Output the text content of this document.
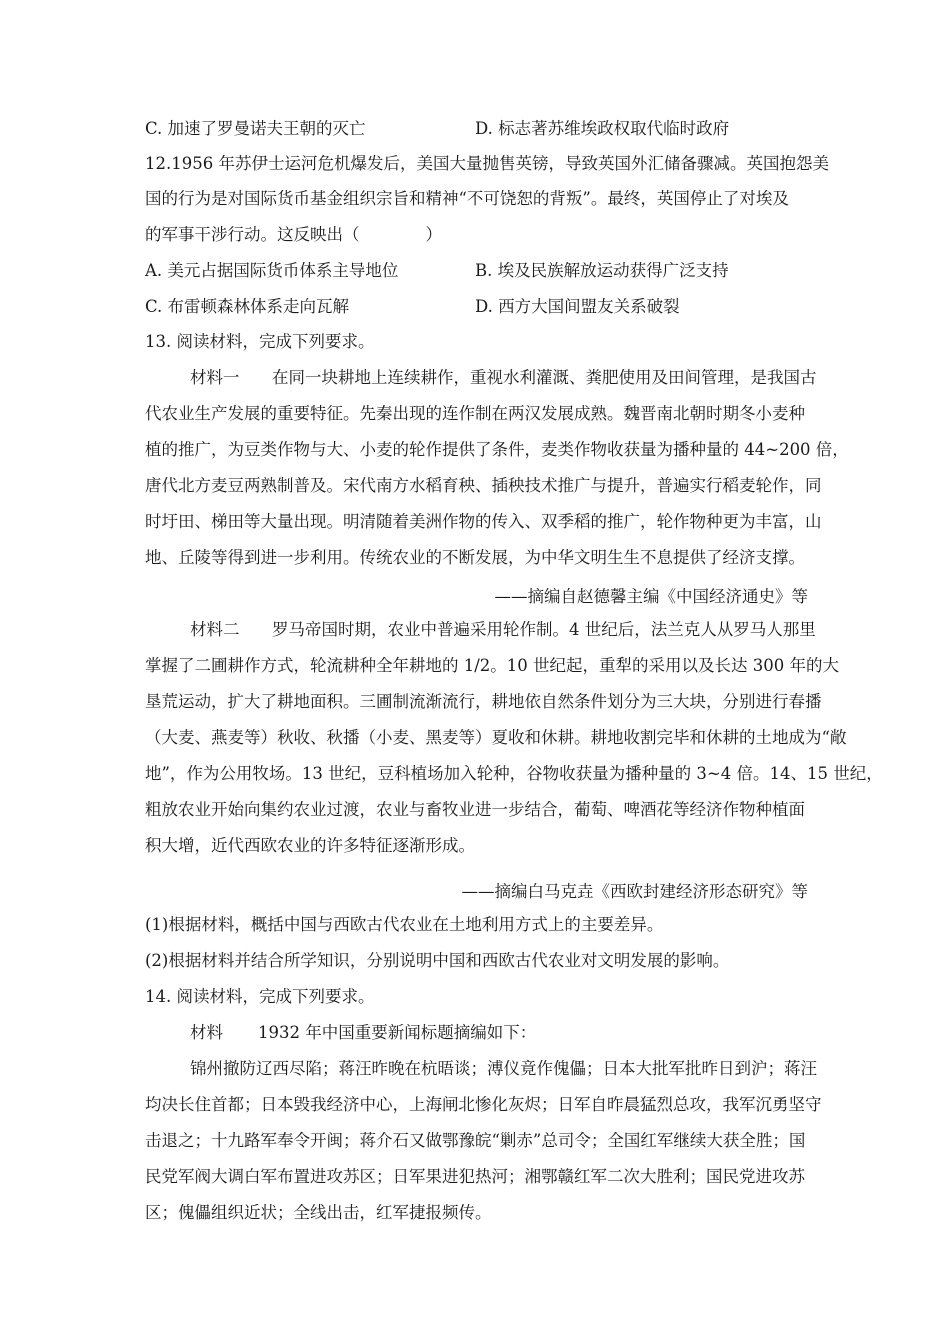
C. 加速了罗曼诺夫王朝的灭亡	D. 标志著苏维埃政权取代临时政府
12.1956 年苏伊士运河危机爆发后，美国大量抛售英镑，导致英国外汇储备骤减。英国抱怨美
国的行为是对国际货币基金组织宗旨和精神“不可饶恕的背叛”。最终，英国停止了对埃及
的军事干涉行动。这反映出（　　　　）
A. 美元占据国际货币体系主导地位	B. 埃及民族解放运动获得广泛支持
C. 布雷顿森林体系走向瓦解	D. 西方大国间盟友关系破裂
13. 阅读材料，完成下列要求。
材料一 在同一块耕地上连续耕作，重视水利灌溉、粪肥使用及田间管理，是我国古
代农业生产发展的重要特征。先秦出现的连作制在两汉发展成熟。魏晋南北朝时期冬小麦种
植的推广，为豆类作物与大、小麦的轮作提供了条件，麦类作物收获量为播种量的 44~200 倍，
唐代北方麦豆两熟制普及。宋代南方水稻育秧、插秧技术推广与提升，普遍实行稻麦轮作，同
时圩田、梯田等大量出现。明清随着美洲作物的传入、双季稻的推广，轮作物种更为丰富，山
地、丘陵等得到进一步利用。传统农业的不断发展，为中华文明生生不息提供了经济支撑。
——摘编自赵德馨主编《中国经济通史》等
材料二 罗马帝国时期，农业中普遍采用轮作制。4 世纪后，法兰克人从罗马人那里
掌握了二圃耕作方式，轮流耕种全年耕地的 1/2。10 世纪起，重犁的采用以及长达 300 年的大
垦荒运动，扩大了耕地面积。三圃制流渐流行，耕地依自然条件划分为三大块，分别进行春播
（大麦、燕麦等）秋收、秋播（小麦、黑麦等）夏收和休耕。耕地收割完毕和休耕的土地成为“敞
地”，作为公用牧场。13 世纪，豆科植场加入轮种，谷物收获量为播种量的 3~4 倍。14、15 世纪，
粗放农业开始向集约农业过渡，农业与畜牧业进一步结合，葡萄、啤酒花等经济作物种植面
积大增，近代西欧农业的许多特征逐渐形成。
——摘编白马克垚《西欧封建经济形态研究》等
(1)根据材料，概括中国与西欧古代农业在土地利用方式上的主要差异。
(2)根据材料并结合所学知识，分别说明中国和西欧古代农业对文明发展的影响。
14. 阅读材料，完成下列要求。
材料 1932 年中国重要新闻标题摘编如下：
锦州撤防辽西尽陷；蒋汪昨晚在杭晤谈；溥仪竟作傀儡；日本大批军批昨日到沪；蒋汪
均决长住首都；日本毁我经济中心，上海闸北惨化灰烬；日军自昨晨猛烈总攻，我军沉勇坚守
击退之；十九路军奉令开闽；蒋介石又做鄂豫皖“剿赤”总司令；全国红军继续大获全胜；国
民党军阀大调白军布置进攻苏区；日军果进犯热河；湘鄂赣红军二次大胜利；国民党进攻苏
区；傀儡组织近状；全线出击，红军捷报频传。
